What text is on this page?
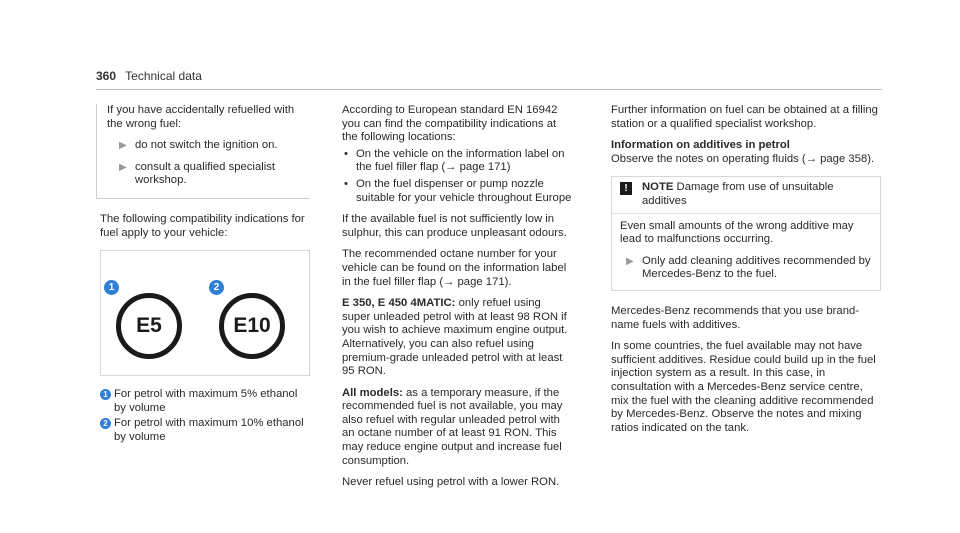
360 Technical data

If you have accidentally refuelled with the wrong fuel:

▶ do not switch the ignition on.
▶ consult a qualified specialist workshop.

The following compatibility indications for fuel apply to your vehicle:

1	2
E5	E10
1 For petrol with maximum 5% ethanol by volume
2 For petrol with maximum 10% ethanol by volume

According to European standard EN 16942 you can find the compatibility indications at the following locations:

• On the vehicle on the information label on the fuel filler flap (→ page 171)
• On the fuel dispenser or pump nozzle suitable for your vehicle throughout Europe

If the available fuel is not sufficiently low in sulphur, this can produce unpleasant odours.

The recommended octane number for your vehicle can be found on the information label in the fuel filler flap (→ page 171).

E 350, E 450 4MATIC: only refuel using super unleaded petrol with at least 98 RON if you wish to achieve maximum engine output. Alternatively, you can also refuel using premium-grade unleaded petrol with at least 95 RON.

All models: as a temporary measure, if the recommended fuel is not available, you may also refuel with regular unleaded petrol with an octane number of at least 91 RON. This may reduce engine output and increase fuel consumption.

Never refuel using petrol with a lower RON.

Further information on fuel can be obtained at a filling station or a qualified specialist workshop.

Information on additives in petrol

Observe the notes on operating fluids (→ page 358).

!	NOTE Damage from use of unsuitable additives

Even small amounts of the wrong additive may lead to malfunctions occurring.

▶ Only add cleaning additives recommended by Mercedes-Benz to the fuel.

Mercedes-Benz recommends that you use brand-name fuels with additives.

In some countries, the fuel available may not have sufficient additives. Residue could build up in the fuel injection system as a result. In this case, in consultation with a Mercedes-Benz service centre, mix the fuel with the cleaning additive recommended by Mercedes-Benz. Observe the notes and mixing ratios indicated on the tank.
